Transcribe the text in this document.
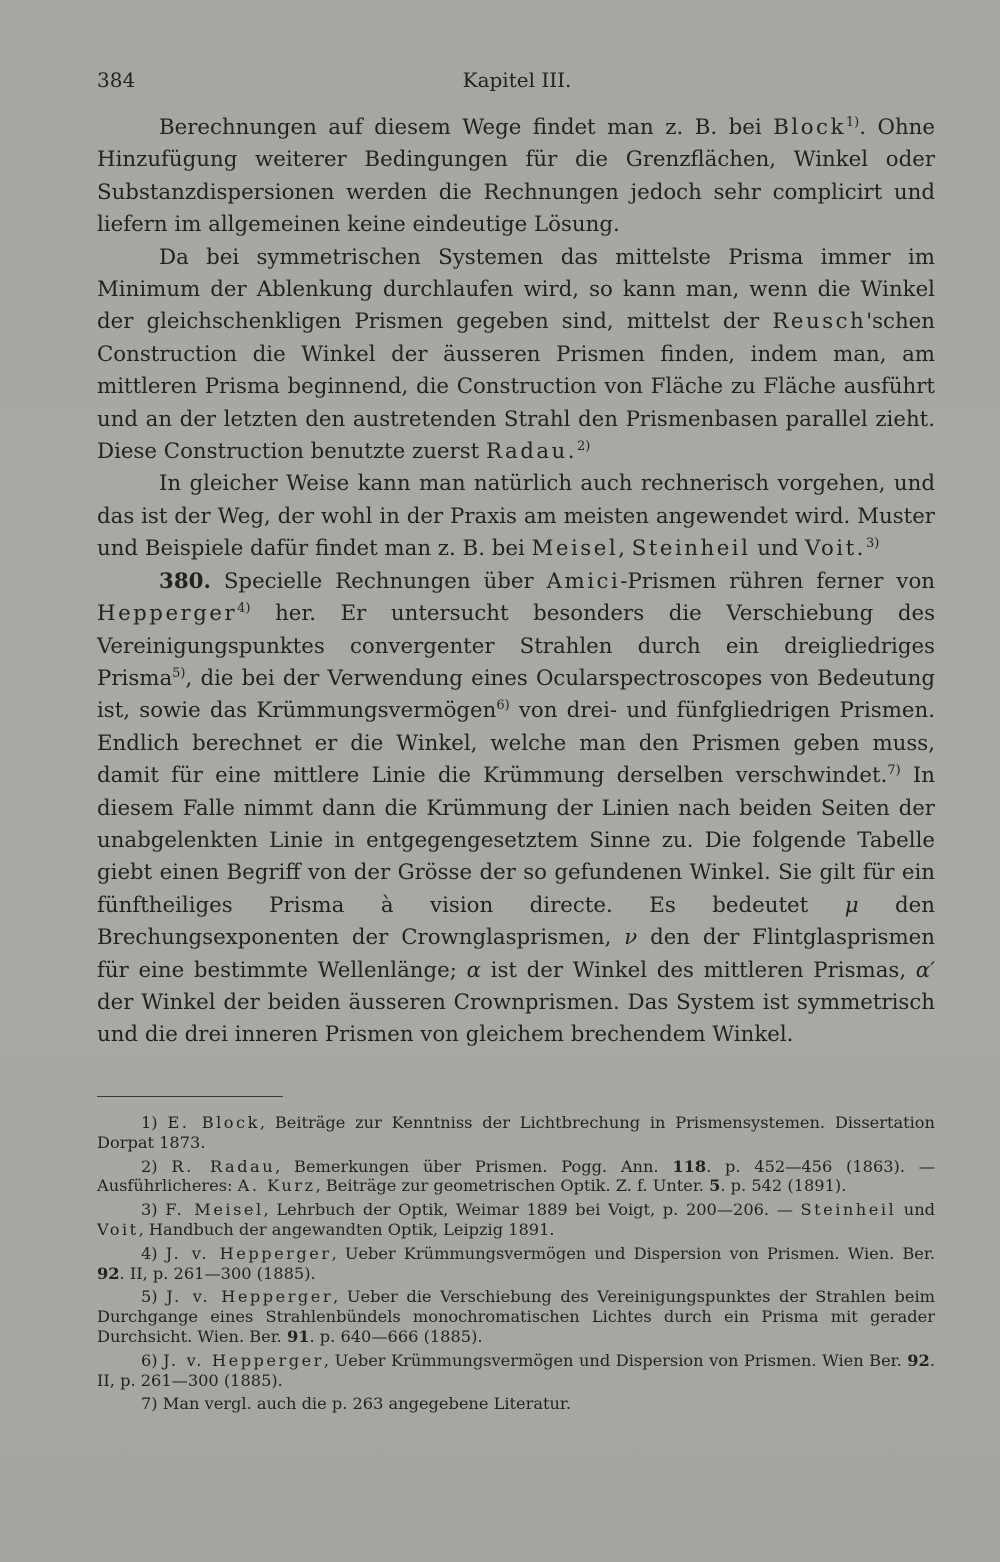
384	Kapitel III.

Berechnungen auf diesem Wege findet man z. B. bei Block$^{1)}$. Ohne Hinzufügung weiterer Bedingungen für die Grenzflächen, Winkel oder Substanzdispersionen werden die Rechnungen jedoch sehr complicirt und liefern im allgemeinen keine eindeutige Lösung.

Da bei symmetrischen Systemen das mittelste Prisma immer im Minimum der Ablenkung durchlaufen wird, so kann man, wenn die Winkel der gleichschenkligen Prismen gegeben sind, mittelst der Reusch'schen Construction die Winkel der äusseren Prismen finden, indem man, am mittleren Prisma beginnend, die Construction von Fläche zu Fläche ausführt und an der letzten den austretenden Strahl den Prismenbasen parallel zieht. Diese Construction benutzte zuerst Radau.$^{2)}$

In gleicher Weise kann man natürlich auch rechnerisch vorgehen, und das ist der Weg, der wohl in der Praxis am meisten angewendet wird. Muster und Beispiele dafür findet man z. B. bei Meisel, Steinheil und Voit.$^{3)}$

380. Specielle Rechnungen über Amici-Prismen rühren ferner von Hepperger$^{4)}$ her. Er untersucht besonders die Verschiebung des Vereinigungspunktes convergenter Strahlen durch ein dreigliedriges Prisma$^{5)}$, die bei der Verwendung eines Ocularspectroscopes von Bedeutung ist, sowie das Krümmungsvermögen$^{6)}$ von drei- und fünfgliedrigen Prismen. Endlich berechnet er die Winkel, welche man den Prismen geben muss, damit für eine mittlere Linie die Krümmung derselben verschwindet.$^{7)}$ In diesem Falle nimmt dann die Krümmung der Linien nach beiden Seiten der unabgelenkten Linie in entgegengesetztem Sinne zu. Die folgende Tabelle giebt einen Begriff von der Grösse der so gefundenen Winkel. Sie gilt für ein fünftheiliges Prisma à vision directe. Es bedeutet μ den Brechungsexponenten der Crownglasprismen, ν den der Flintglasprismen für eine bestimmte Wellenlänge; α ist der Winkel des mittleren Prismas, α′ der Winkel der beiden äusseren Crownprismen. Das System ist symmetrisch und die drei inneren Prismen von gleichem brechendem Winkel.

1) E. Block, Beiträge zur Kenntniss der Lichtbrechung in Prismensystemen. Dissertation Dorpat 1873.

2) R. Radau, Bemerkungen über Prismen. Pogg. Ann. 118. p. 452—456 (1863). — Ausführlicheres: A. Kurz, Beiträge zur geometrischen Optik. Z. f. Unter. 5. p. 542 (1891).

3) F. Meisel, Lehrbuch der Optik, Weimar 1889 bei Voigt, p. 200—206. — Steinheil und Voit, Handbuch der angewandten Optik, Leipzig 1891.

4) J. v. Hepperger, Ueber Krümmungsvermögen und Dispersion von Prismen. Wien. Ber. 92. II, p. 261—300 (1885).

5) J. v. Hepperger, Ueber die Verschiebung des Vereinigungspunktes der Strahlen beim Durchgange eines Strahlenbündels monochromatischen Lichtes durch ein Prisma mit gerader Durchsicht. Wien. Ber. 91. p. 640—666 (1885).

6) J. v. Hepperger, Ueber Krümmungsvermögen und Dispersion von Prismen. Wien Ber. 92. II, p. 261—300 (1885).

7) Man vergl. auch die p. 263 angegebene Literatur.
